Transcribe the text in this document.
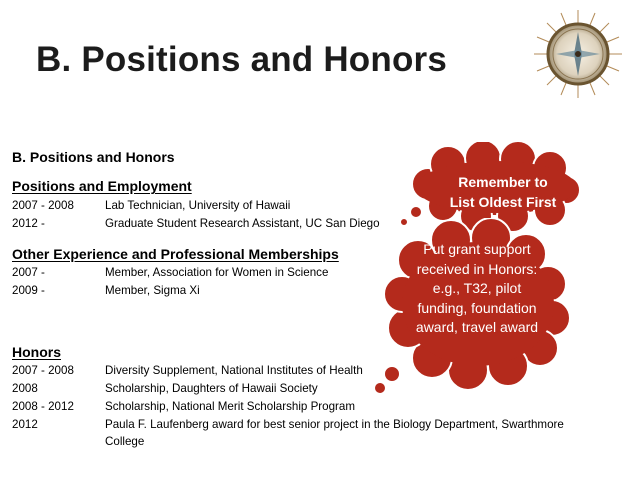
B. Positions and Honors
B. Positions and Honors
Positions and Employment
2007 - 2008	Lab Technician, University of Hawaii
2012 -	Graduate Student Research Assistant, UC San Diego
Other Experience and Professional Memberships
2007 -	Member, Association for Women in Science
2009 -	Member, Sigma Xi
Honors
2007 - 2008	Diversity Supplement, National Institutes of Health
2008	Scholarship, Daughters of Hawaii Society
2008 - 2012	Scholarship, National Merit Scholarship Program
2012	Paula F. Laufenberg award for best senior project in the Biology Department, Swarthmore
College
Remember to
List Oldest First
Put grant support
received in Honors:
e.g., T32, pilot
funding, foundation
award, travel award
